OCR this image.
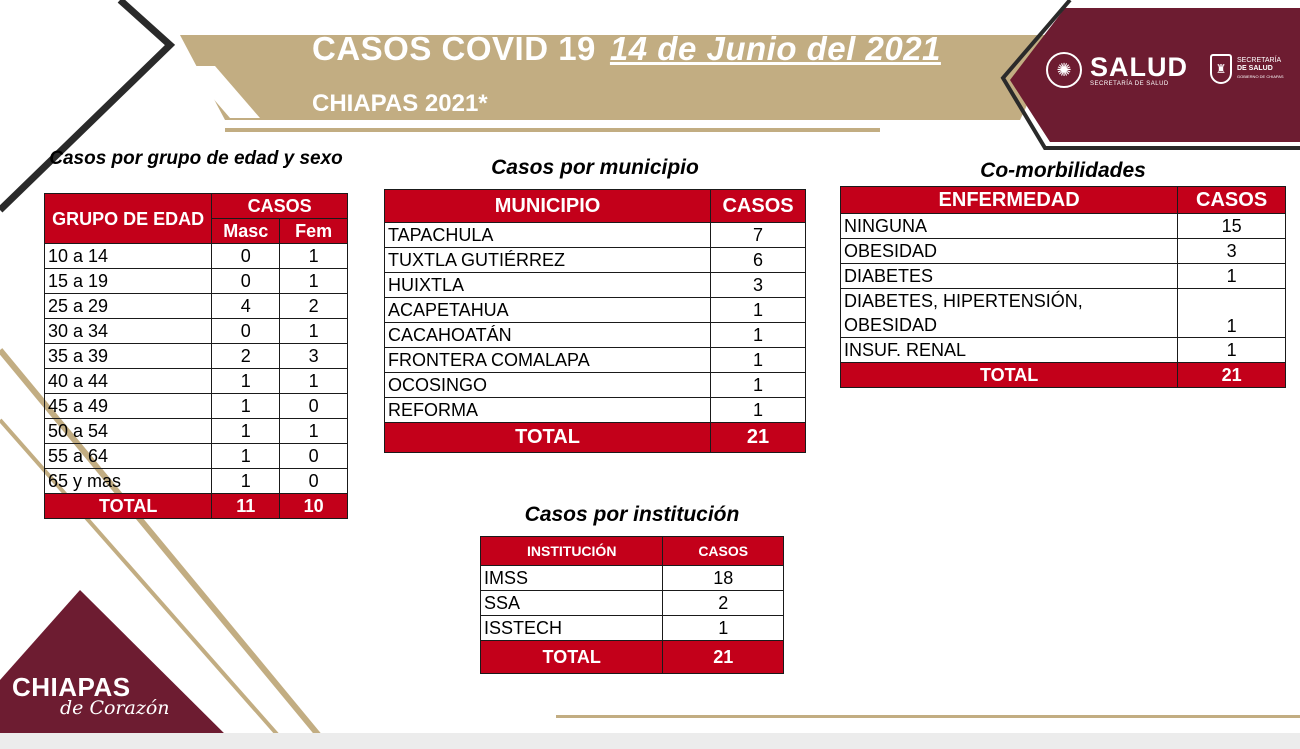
CASOS COVID 19 14 de Junio del 2021
CHIAPAS 2021*
✺ SALUD
SECRETARÍA DE SALUD
♜
SECRETARÍA
DE SALUD
GOBIERNO DE CHIAPAS
CHIAPAS
de Corazón
Casos por grupo de edad y sexo
GRUPO DE EDAD	CASOS	
	Masc	Fem
10 a 14	0	1
15 a 19	0	1
25 a 29	4	2
30 a 34	0	1
35 a 39	2	3
40 a 44	1	1
45 a 49	1	0
50 a 54	1	1
55 a 64	1	0
65 y mas	1	0
TOTAL	11	10
Casos por municipio
MUNICIPIO	CASOS
TAPACHULA	7
TUXTLA GUTIÉRREZ	6
HUIXTLA	3
ACAPETAHUA	1
CACAHOATÁN	1
FRONTERA COMALAPA	1
OCOSINGO	1
REFORMA	1
TOTAL	21
Co-morbilidades
ENFERMEDAD	CASOS
NINGUNA	15
OBESIDAD	3
DIABETES	1

DIABETES, HIPERTENSIÓN,
OBESIDAD	1
INSUF. RENAL	1
TOTAL	21
Casos por institución
INSTITUCIÓN	CASOS
IMSS	18
SSA	2
ISSTECH	1
TOTAL	21
